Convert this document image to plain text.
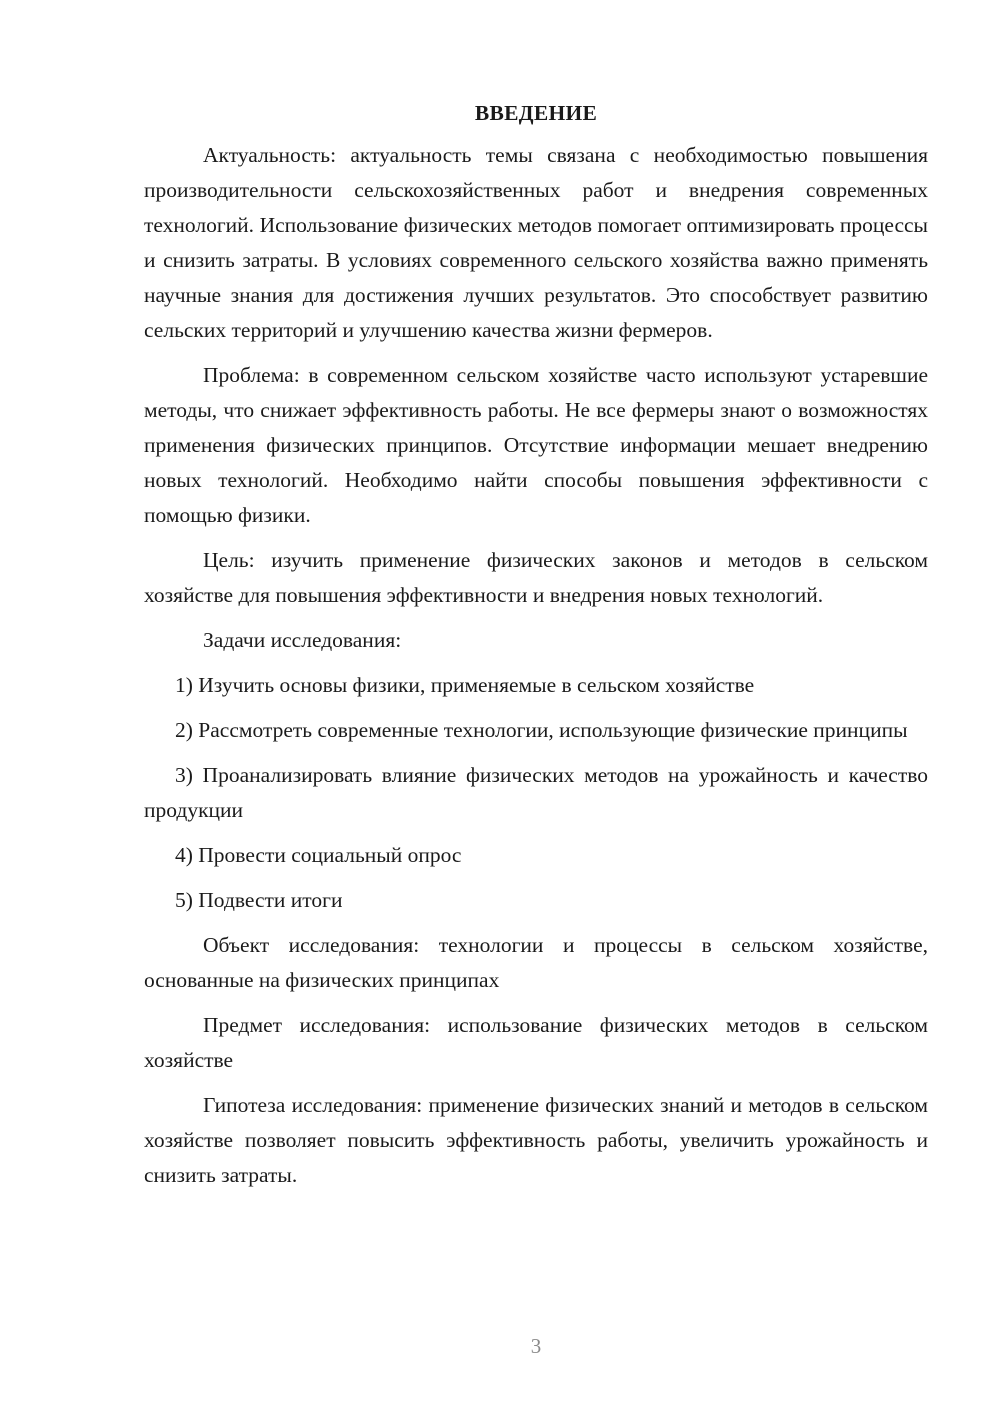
ВВЕДЕНИЕ

Актуальность: актуальность темы связана с необходимостью повышения производительности сельскохозяйственных работ и внедрения современных технологий. Использование физических методов помогает оптимизировать процессы и снизить затраты. В условиях современного сельского хозяйства важно применять научные знания для достижения лучших результатов. Это способствует развитию сельских территорий и улучшению качества жизни фермеров.

Проблема: в современном сельском хозяйстве часто используют устаревшие методы, что снижает эффективность работы. Не все фермеры знают о возможностях применения физических принципов. Отсутствие информации мешает внедрению новых технологий. Необходимо найти способы повышения эффективности с помощью физики.

Цель: изучить применение физических законов и методов в сельском хозяйстве для повышения эффективности и внедрения новых технологий.

Задачи исследования:

1) Изучить основы физики, применяемые в сельском хозяйстве

2) Рассмотреть современные технологии, использующие физические принципы

3) Проанализировать влияние физических методов на урожайность и качество продукции

4) Провести социальный опрос

5) Подвести итоги

Объект исследования: технологии и процессы в сельском хозяйстве, основанные на физических принципах

Предмет исследования: использование физических методов в сельском хозяйстве

Гипотеза исследования: применение физических знаний и методов в сельском хозяйстве позволяет повысить эффективность работы, увеличить урожайность и снизить затраты.

3
